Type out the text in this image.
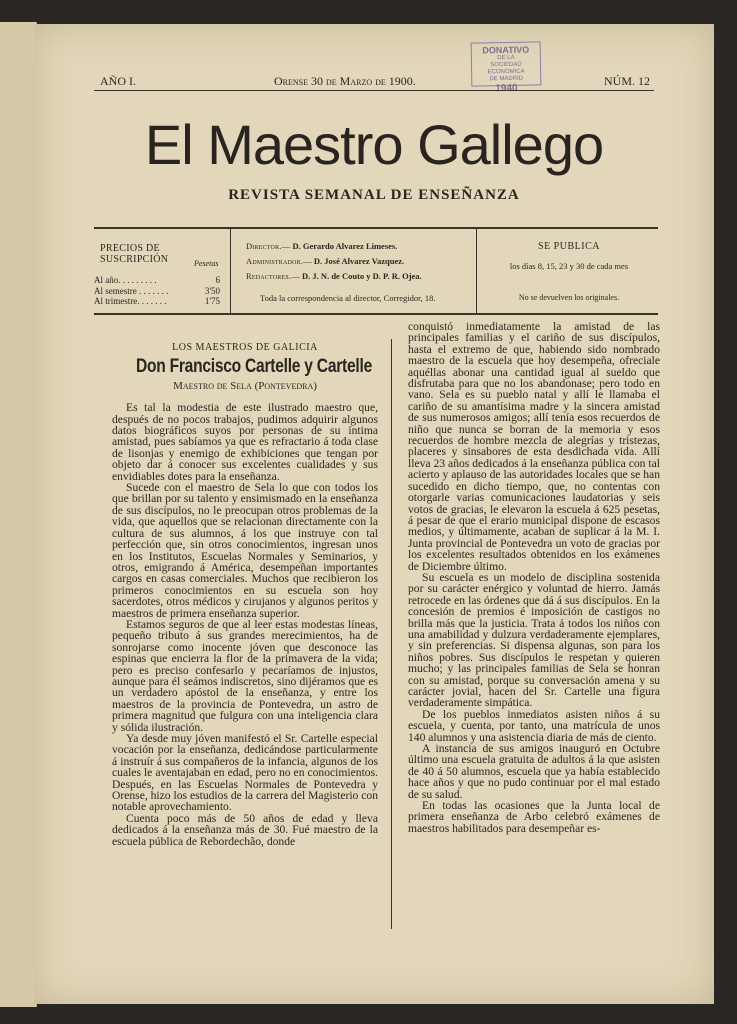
DONATIVO
DE LA
SOCIEDAD ECONOMICA
DE MADRID
1940
AÑO I.	Orense 30 de Marzo de 1900.	NÚM. 12
El Maestro Gallego
REVISTA SEMANAL DE ENSEÑANZA
PRECIOS DE SUSCRIPCIÓN	Pesetas
Al año. . . . . . . . .	6
Al semestre . . . . . . .	3'50
Al trimestre. . . . . . .	1'75
Director.— D. Gerardo Alvarez Limeses.
Administrador.— D. José Alvarez Vazquez.
Redactores.— D. J. N. de Couto y D. P. R. Ojea.
Toda la correspondencia al director, Corregidor, 18.
SE PUBLICA
los días 8, 15, 23 y 30 de cada mes
No se devuelven los originales.
LOS MAESTROS DE GALICIA
Don Francisco Cartelle y Cartelle
Maestro de Sela (Pontevedra)

Es tal la modestia de este ilustrado maestro que, después de no pocos trabajos, pudimos adquirir algunos datos biográficos suyos por personas de su íntima amistad, pues sabíamos ya que es refractario á toda clase de lisonjas y enemigo de exhibiciones que tengan por objeto dar á conocer sus excelentes cualidades y sus envidiables dotes para la enseñanza.

Sucede con el maestro de Sela lo que con todos los que brillan por su talento y ensimismado en la enseñanza de sus discípulos, no le preocupan otros problemas de la vida, que aquellos que se relacionan directamente con la cultura de sus alumnos, á los que instruye con tal perfección que, sin otros conocimientos, ingresan unos en los Institutos, Escuelas Normales y Seminarios, y otros, emigrando á América, desempeñan importantes cargos en casas comerciales. Muchos que recibieron los primeros conocimientos en su escuela son hoy sacerdotes, otros médicos y cirujanos y algunos peritos y maestros de primera enseñanza superior.

Estamos seguros de que al leer estas modestas líneas, pequeño tributo á sus grandes merecimientos, ha de sonrojarse como inocente jóven que desconoce las espinas que encierra la flor de la primavera de la vida; pero es preciso confesarlo y pecaríamos de injustos, aunque para él seámos indiscretos, sino dijéramos que es un verdadero apóstol de la enseñanza, y entre los maestros de la provincia de Pontevedra, un astro de primera magnitud que fulgura con una inteligencia clara y sólida ilustración.

Ya desde muy jóven manifestó el Sr. Cartelle especial vocación por la enseñanza, dedicándose particularmente á instruír á sus compañeros de la infancia, algunos de los cuales le aventajaban en edad, pero no en conocimientos. Después, en las Escuelas Normales de Pontevedra y Orense, hizo los estudios de la carrera del Magisterio con notable aprovechamiento.

Cuenta poco más de 50 años de edad y lleva dedicados á la enseñanza más de 30. Fué maestro de la escuela pública de Rebordechão, donde

conquistó inmediatamente la amistad de las principales familias y el cariño de sus discípulos, hasta el extremo de que, habiendo sido nombrado maestro de la escuela que hoy desempeña, ofreciale aquéllas abonar una cantidad igual al sueldo que disfrutaba para que no los abandonase; pero todo en vano. Sela es su pueblo natal y allí le llamaba el cariño de su amantísima madre y la sincera amistad de sus numerosos amigos; allí tenía esos recuerdos de niño que nunca se borran de la memoria y esos recuerdos de hombre mezcla de alegrías y tristezas, placeres y sinsabores de esta desdichada vida. Allí lleva 23 años dedicados á la enseñanza pública con tal acierto y aplauso de las autoridades locales que se han sucedido en dicho tiempo, que, no contentas con otorgarle varias comunicaciones laudatorias y seis votos de gracias, le elevaron la escuela á 625 pesetas, á pesar de que el erario municipal dispone de escasos medios, y últimamente, acaban de suplicar á la M. I. Junta provincial de Pontevedra un voto de gracias por los excelentes resultados obtenidos en los exámenes de Diciembre último.

Su escuela es un modelo de disciplina sostenida por su carácter enérgico y voluntad de hierro. Jamás retrocede en las órdenes que dá á sus discípulos. En la concesión de premios é imposición de castigos no brilla más que la justicia. Trata á todos los niños con una amabilidad y dulzura verdaderamente ejemplares, y sin preferencias. Si dispensa algunas, son para los niños pobres. Sus discípulos le respetan y quieren mucho; y las principales familias de Sela se honran con su amistad, porque su conversación amena y su carácter jovial, hacen del Sr. Cartelle una figura verdaderamente simpática.

De los pueblos inmediatos asisten niños á su escuela, y cuenta, por tanto, una matrícula de unos 140 alumnos y una asistencia diaria de más de ciento.

A instancia de sus amigos inauguró en Octubre último una escuela gratuita de adultos á la que asisten de 40 á 50 alumnos, escuela que ya había establecido hace años y que no pudo continuar por el mal estado de su salud.

En todas las ocasiones que la Junta local de primera enseñanza de Arbo celebró exámenes de maestros habilitados para desempeñar es-
